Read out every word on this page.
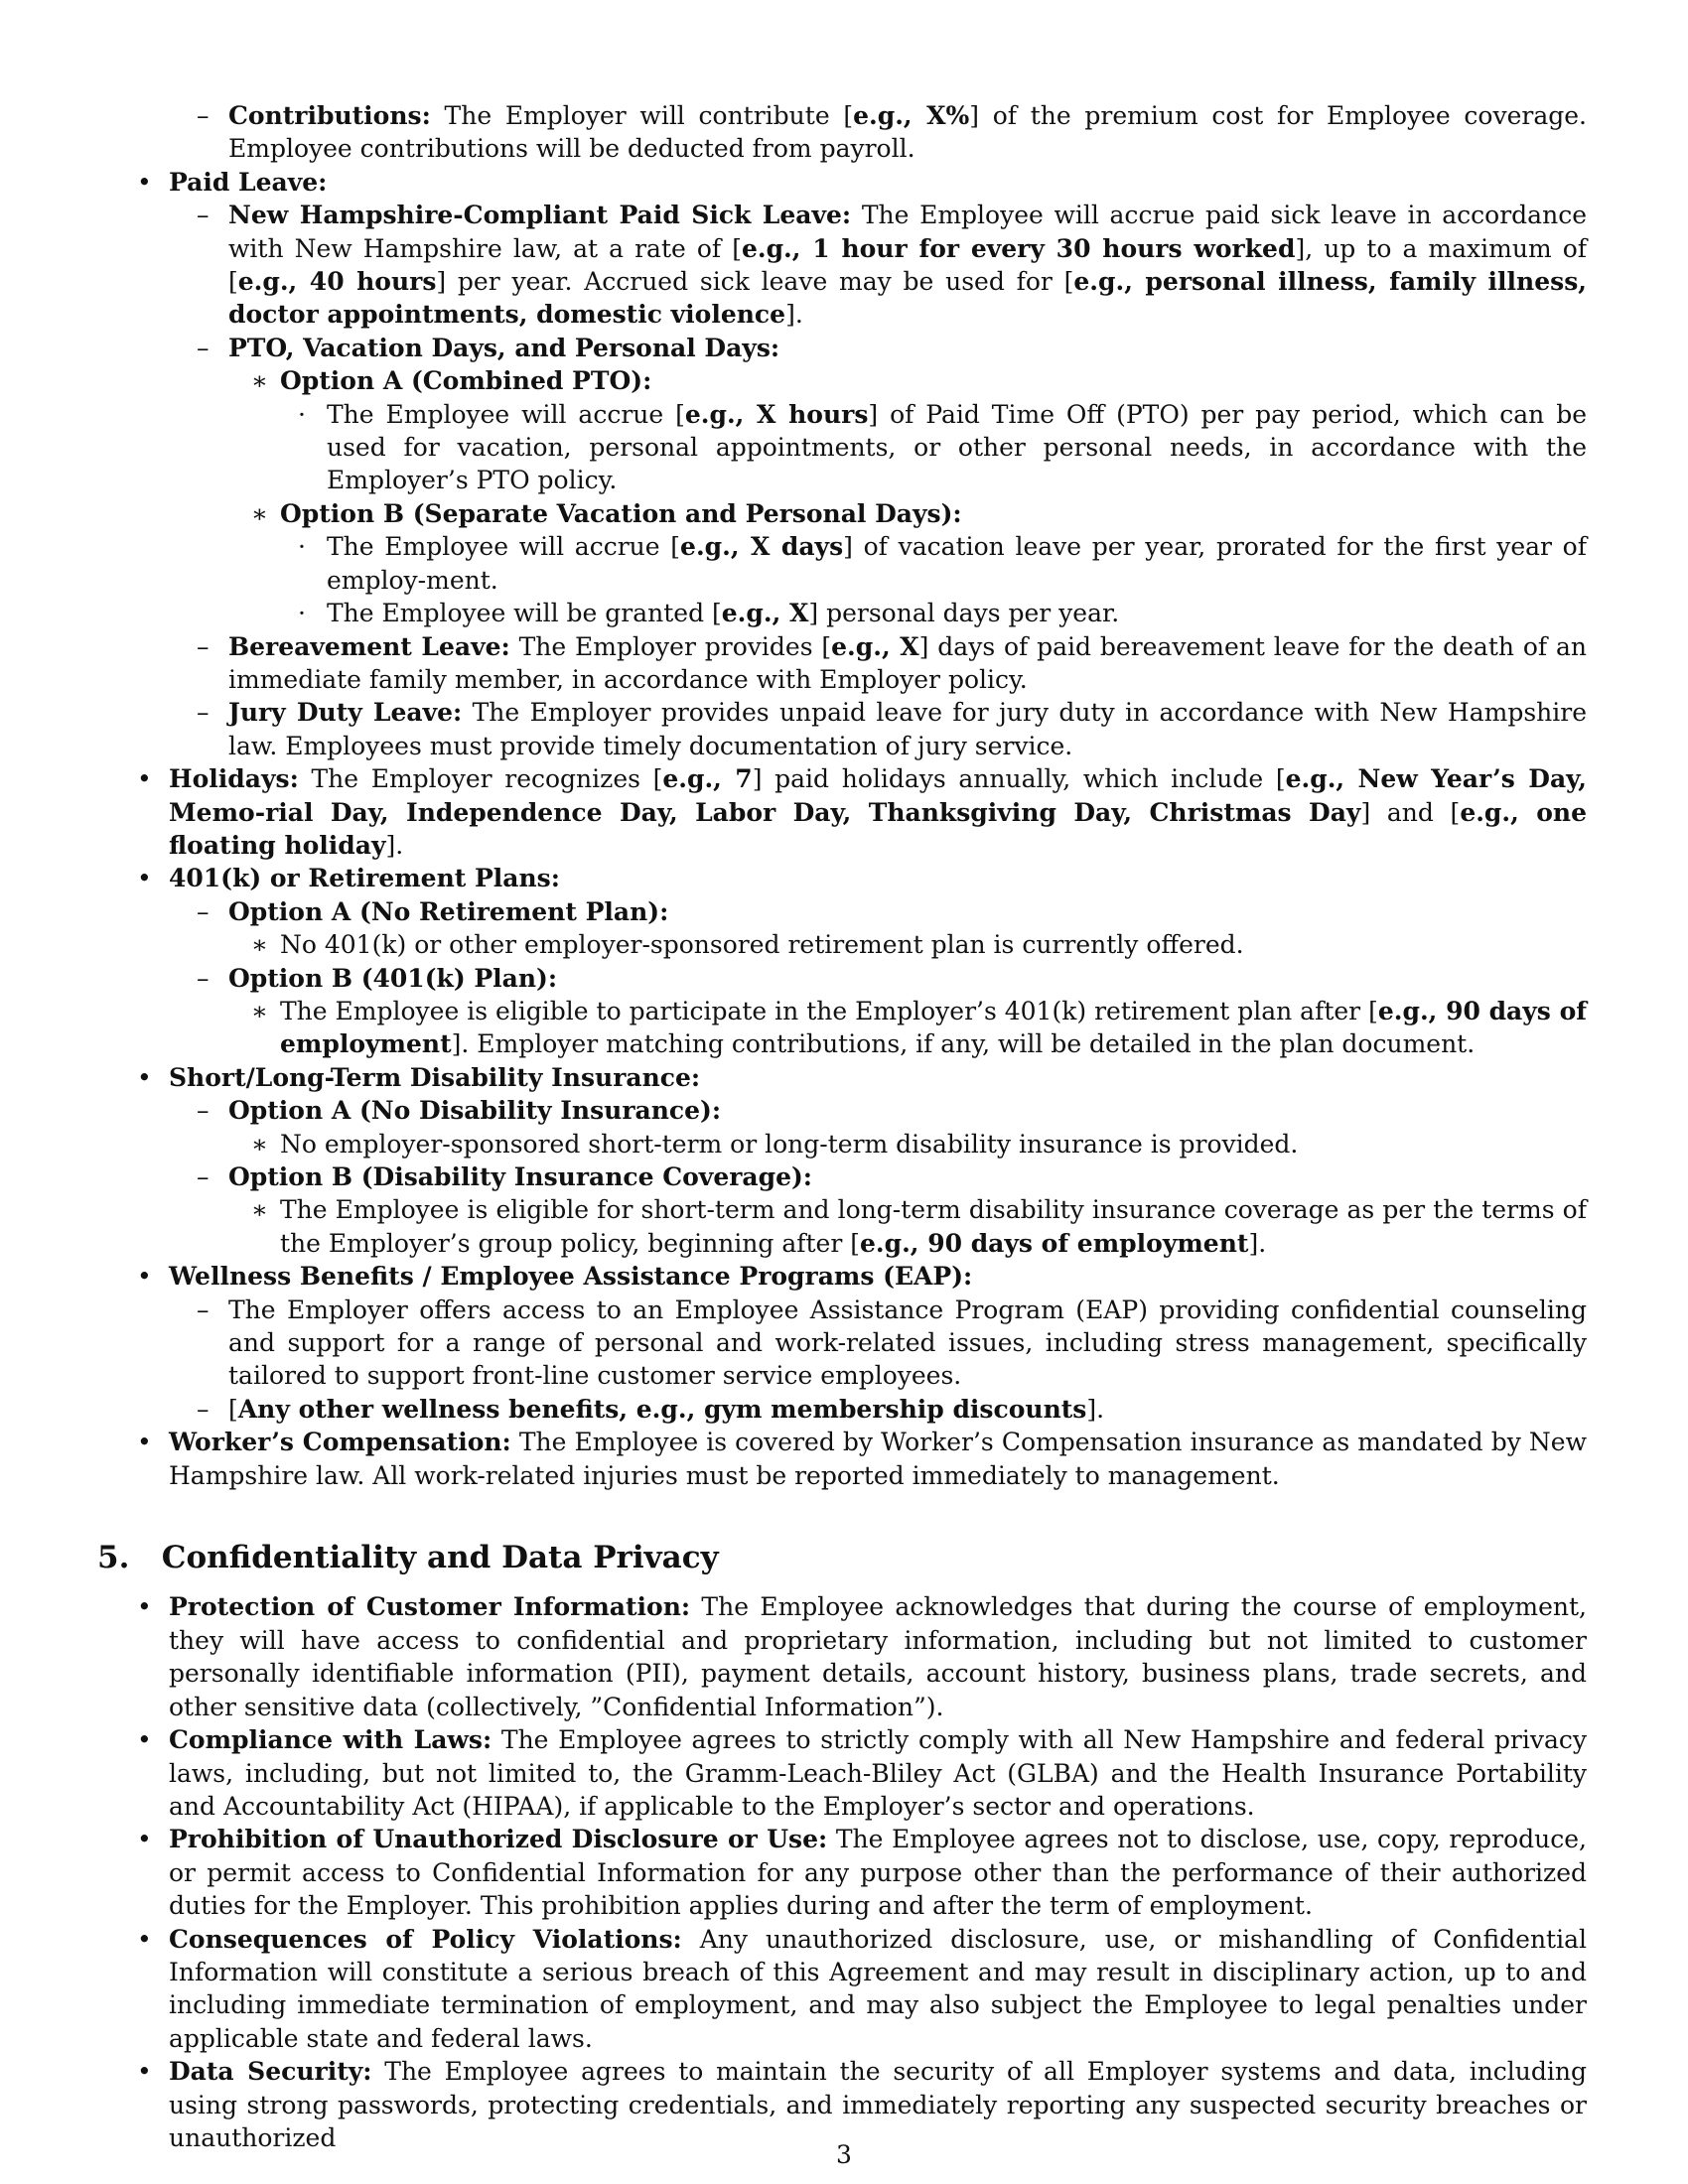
– Contributions: The Employer will contribute [e.g., X%] of the premium cost for Employee coverage. Employee contributions will be deducted from payroll.
• Paid Leave:
– New Hampshire-Compliant Paid Sick Leave: The Employee will accrue paid sick leave in accordance with New Hampshire law, at a rate of [e.g., 1 hour for every 30 hours worked], up to a maximum of [e.g., 40 hours] per year. Accrued sick leave may be used for [e.g., personal illness, family illness, doctor appointments, domestic violence].
– PTO, Vacation Days, and Personal Days:
∗ Option A (Combined PTO):
· The Employee will accrue [e.g., X hours] of Paid Time Off (PTO) per pay period, which can be used for vacation, personal appointments, or other personal needs, in accordance with the Employer’s PTO policy.
∗ Option B (Separate Vacation and Personal Days):
· The Employee will accrue [e.g., X days] of vacation leave per year, prorated for the first year of employ-ment.
· The Employee will be granted [e.g., X] personal days per year.
– Bereavement Leave: The Employer provides [e.g., X] days of paid bereavement leave for the death of an immediate family member, in accordance with Employer policy.
– Jury Duty Leave: The Employer provides unpaid leave for jury duty in accordance with New Hampshire law. Employees must provide timely documentation of jury service.
• Holidays: The Employer recognizes [e.g., 7] paid holidays annually, which include [e.g., New Year’s Day, Memo-rial Day, Independence Day, Labor Day, Thanksgiving Day, Christmas Day] and [e.g., one floating holiday].
• 401(k) or Retirement Plans:
– Option A (No Retirement Plan):
∗ No 401(k) or other employer-sponsored retirement plan is currently offered.
– Option B (401(k) Plan):
∗ The Employee is eligible to participate in the Employer’s 401(k) retirement plan after [e.g., 90 days of employment]. Employer matching contributions, if any, will be detailed in the plan document.
• Short/Long-Term Disability Insurance:
– Option A (No Disability Insurance):
∗ No employer-sponsored short-term or long-term disability insurance is provided.
– Option B (Disability Insurance Coverage):
∗ The Employee is eligible for short-term and long-term disability insurance coverage as per the terms of the Employer’s group policy, beginning after [e.g., 90 days of employment].
• Wellness Benefits / Employee Assistance Programs (EAP):
– The Employer offers access to an Employee Assistance Program (EAP) providing confidential counseling and support for a range of personal and work-related issues, including stress management, specifically tailored to support front-line customer service employees.
– [Any other wellness benefits, e.g., gym membership discounts].
• Worker’s Compensation: The Employee is covered by Worker’s Compensation insurance as mandated by New Hampshire law. All work-related injuries must be reported immediately to management.
5. Confidentiality and Data Privacy
• Protection of Customer Information: The Employee acknowledges that during the course of employment, they will have access to confidential and proprietary information, including but not limited to customer personally identifiable information (PII), payment details, account history, business plans, trade secrets, and other sensitive data (collectively, ”Confidential Information”).
• Compliance with Laws: The Employee agrees to strictly comply with all New Hampshire and federal privacy laws, including, but not limited to, the Gramm-Leach-Bliley Act (GLBA) and the Health Insurance Portability and Accountability Act (HIPAA), if applicable to the Employer’s sector and operations.
• Prohibition of Unauthorized Disclosure or Use: The Employee agrees not to disclose, use, copy, reproduce, or permit access to Confidential Information for any purpose other than the performance of their authorized duties for the Employer. This prohibition applies during and after the term of employment.
• Consequences of Policy Violations: Any unauthorized disclosure, use, or mishandling of Confidential Information will constitute a serious breach of this Agreement and may result in disciplinary action, up to and including immediate termination of employment, and may also subject the Employee to legal penalties under applicable state and federal laws.
• Data Security: The Employee agrees to maintain the security of all Employer systems and data, including using strong passwords, protecting credentials, and immediately reporting any suspected security breaches or unauthorized
3
